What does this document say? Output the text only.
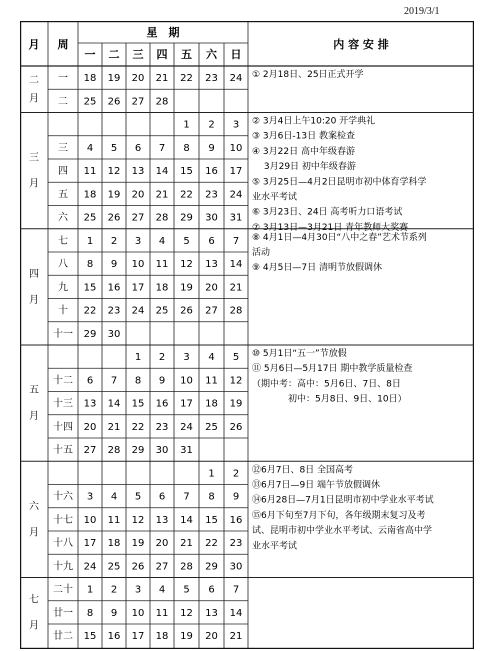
2019/3/1
月 周
星　期
一 二 三 四 五 六 日
内 容 安 排
18 19 20 21 22 23 24
25 26 27 28
1 2 3
4 5 6 7 8 9 10
11 12 13 14 15 16 17
18 19 20 21 22 23 24
25 26 27 28 29 30 31
1 2 3 4 5 6 7
8 9 10 11 12 13 14
15 16 17 18 19 20 21
22 23 24 25 26 27 28
29 30
1 2 3 4 5
6 7 8 9 10 11 12
13 14 15 16 17 18 19
20 21 22 23 24 25 26
27 28 29 30 31
1 2
3 4 5 6 7 8 9
10 11 12 13 14 15 16
17 18 19 20 21 22 23
24 25 26 27 28 29 30
1 2 3 4 5 6 7
8 9 10 11 12 13 14
15 16 17 18 19 20 21
二
月
三
月
四
月
五
月
六
月
七
月
一
二
三
四
五
六
七
八
九
十
十一
十二
十三
十四
十五
十六
十七
十八
十九
二十
廿一
廿二
① 2月18日、25日正式开学
② 3月4日上午10:20 开学典礼
③ 3月6日-13日 教案检查
④ 3月22日 高中年级春游
　 3月29日 初中年级春游
⑤ 3月25日—4月2日昆明市初中体育学科学
业水平考试
⑥ 3月23日、24日 高考听力口语考试
⑦ 3月13日—3月21日 青年教师大奖赛
⑧ 4月1日—4月30日“八中之春”艺术节系列
活动
⑨ 4月5日—7日 清明节放假调休
⑩ 5月1日“五一”节放假
⑪ 5月6日—5月17日 期中教学质量检查
（期中考：高中：5月6日、7日、8日
　　　　初中：5月8日、9日、10日）
⑫6月7日、8日 全国高考
⑬6月7日—9日 端午节放假调休
⑭6月28日—7月1日昆明市初中学业水平考试
⑮6月下旬至7月下旬，各年级期末复习及考
试、昆明市初中学业水平考试、云南省高中学
业水平考试
